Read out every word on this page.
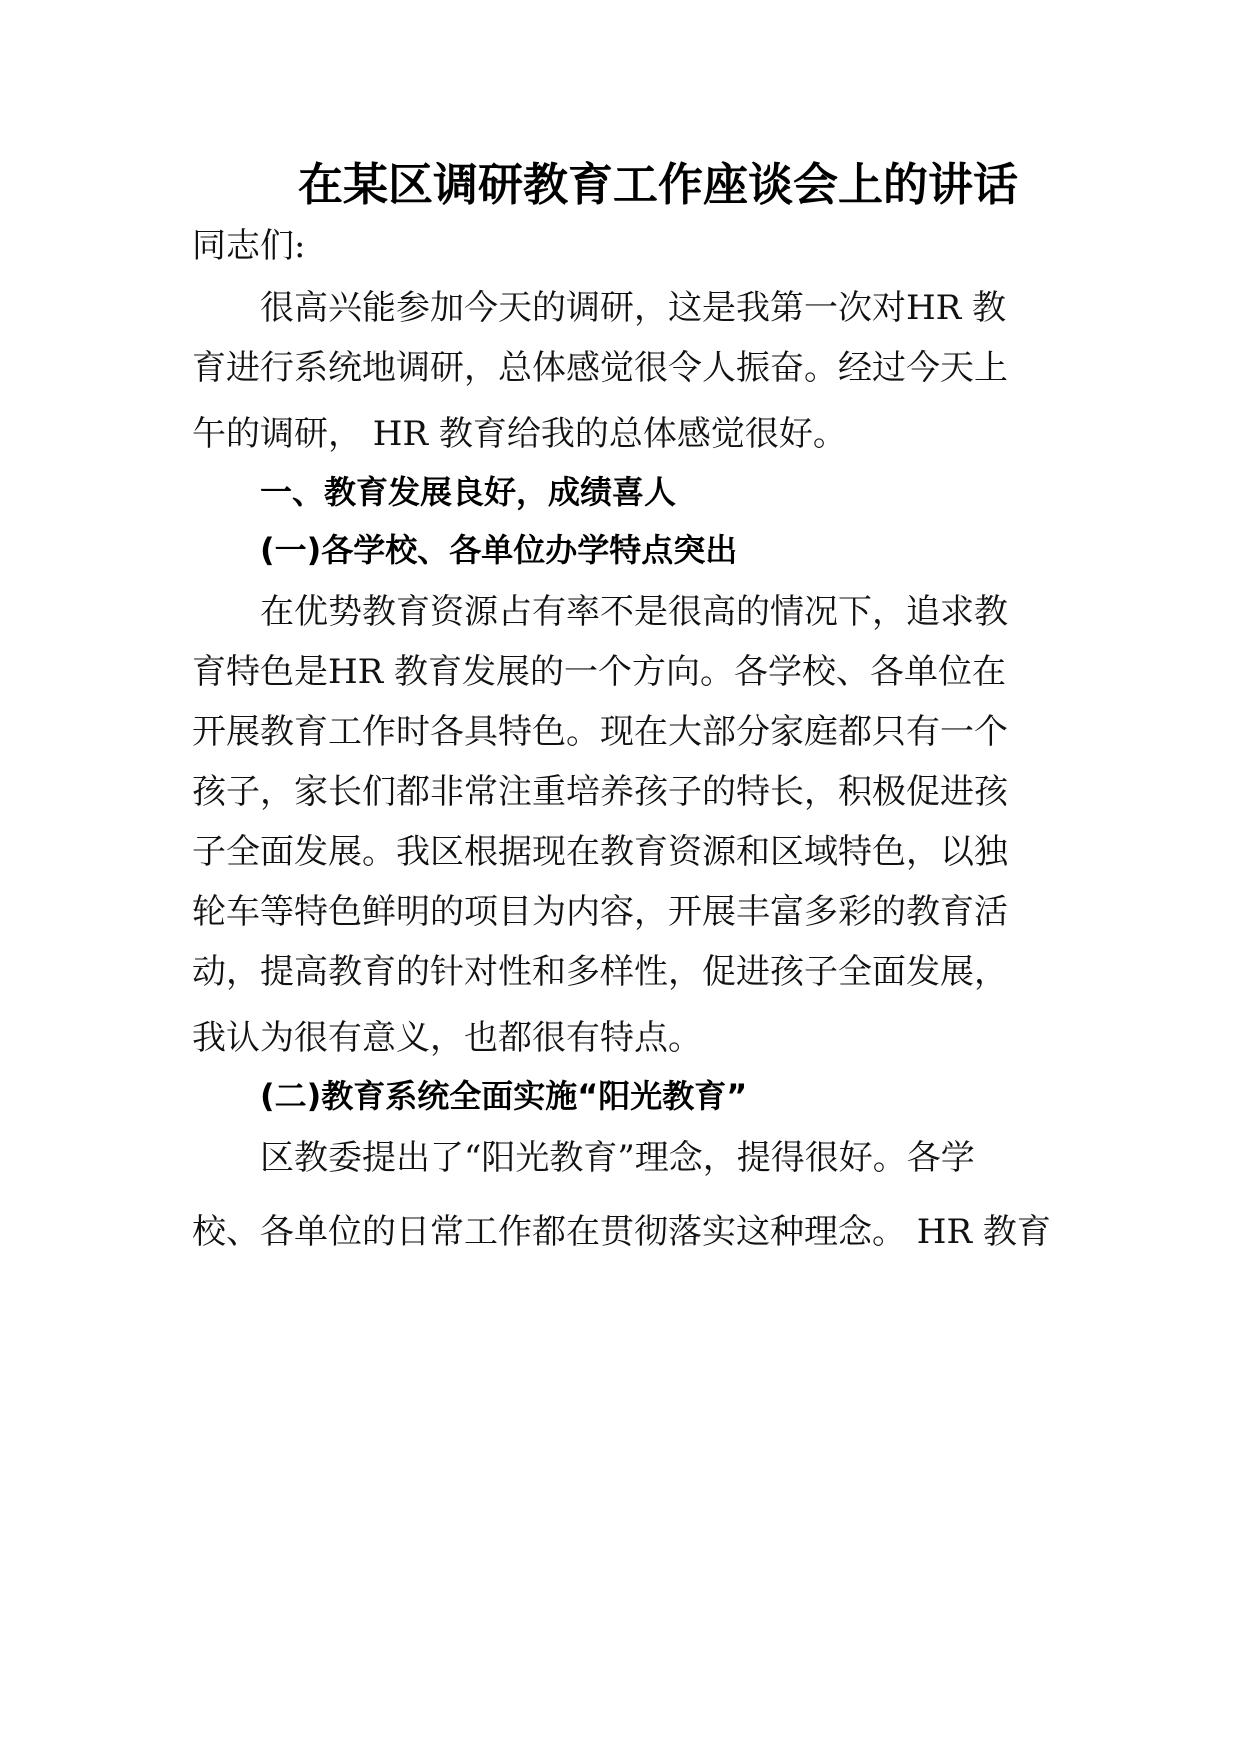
在某区调研教育工作座谈会上的讲话
同志们:
很高兴能参加今天的调研，这是我第一次对HR 教
育进行系统地调研，总体感觉很令人振奋。经过今天上
午的调研， HR 教育给我的总体感觉很好。
一、教育发展良好，成绩喜人
(一)各学校、各单位办学特点突出
在优势教育资源占有率不是很高的情况下，追求教
育特色是HR 教育发展的一个方向。各学校、各单位在
开展教育工作时各具特色。现在大部分家庭都只有一个
孩子，家长们都非常注重培养孩子的特长，积极促进孩
子全面发展。我区根据现在教育资源和区域特色，以独
轮车等特色鲜明的项目为内容，开展丰富多彩的教育活
动，提高教育的针对性和多样性，促进孩子全面发展，
我认为很有意义，也都很有特点。
(二)教育系统全面实施“阳光教育”
区教委提出了“阳光教育”理念，提得很好。各学
校、各单位的日常工作都在贯彻落实这种理念。 HR 教育
